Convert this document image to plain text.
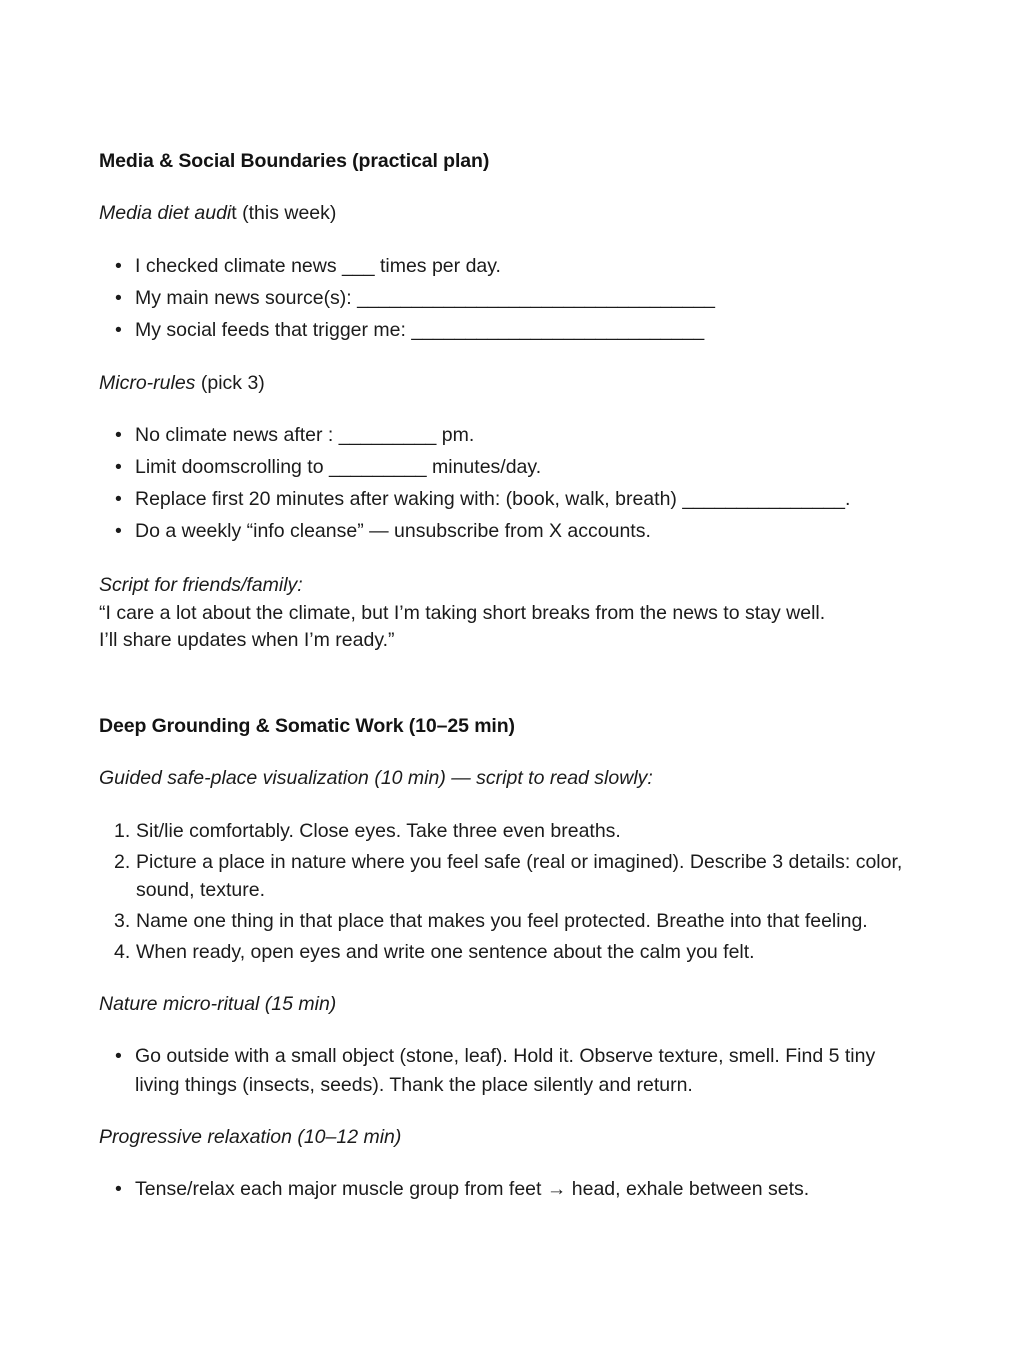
Media & Social Boundaries (practical plan)

Media diet audit (this week)

• I checked climate news ___ times per day.
• My main news source(s): _________________________________
• My social feeds that trigger me: ___________________________

Micro-rules (pick 3)

• No climate news after : _________ pm.
• Limit doomscrolling to _________ minutes/day.
• Replace first 20 minutes after waking with: (book, walk, breath) _______________.
• Do a weekly “info cleanse” — unsubscribe from X accounts.

Script for friends/family:

“I care a lot about the climate, but I’m taking short breaks from the news to stay well.

I’ll share updates when I’m ready.”

Deep Grounding & Somatic Work (10–25 min)

Guided safe-place visualization (10 min) — script to read slowly:

Sit/lie comfortably. Close eyes. Take three even breaths.
Picture a place in nature where you feel safe (real or imagined). Describe 3 details: color, sound, texture.
Name one thing in that place that makes you feel protected. Breathe into that feeling.
When ready, open eyes and write one sentence about the calm you felt.

Nature micro-ritual (15 min)

• Go outside with a small object (stone, leaf). Hold it. Observe texture, smell. Find 5 tiny living things (insects, seeds). Thank the place silently and return.

Progressive relaxation (10–12 min)

• Tense/relax each major muscle group from feet → head, exhale between sets.
